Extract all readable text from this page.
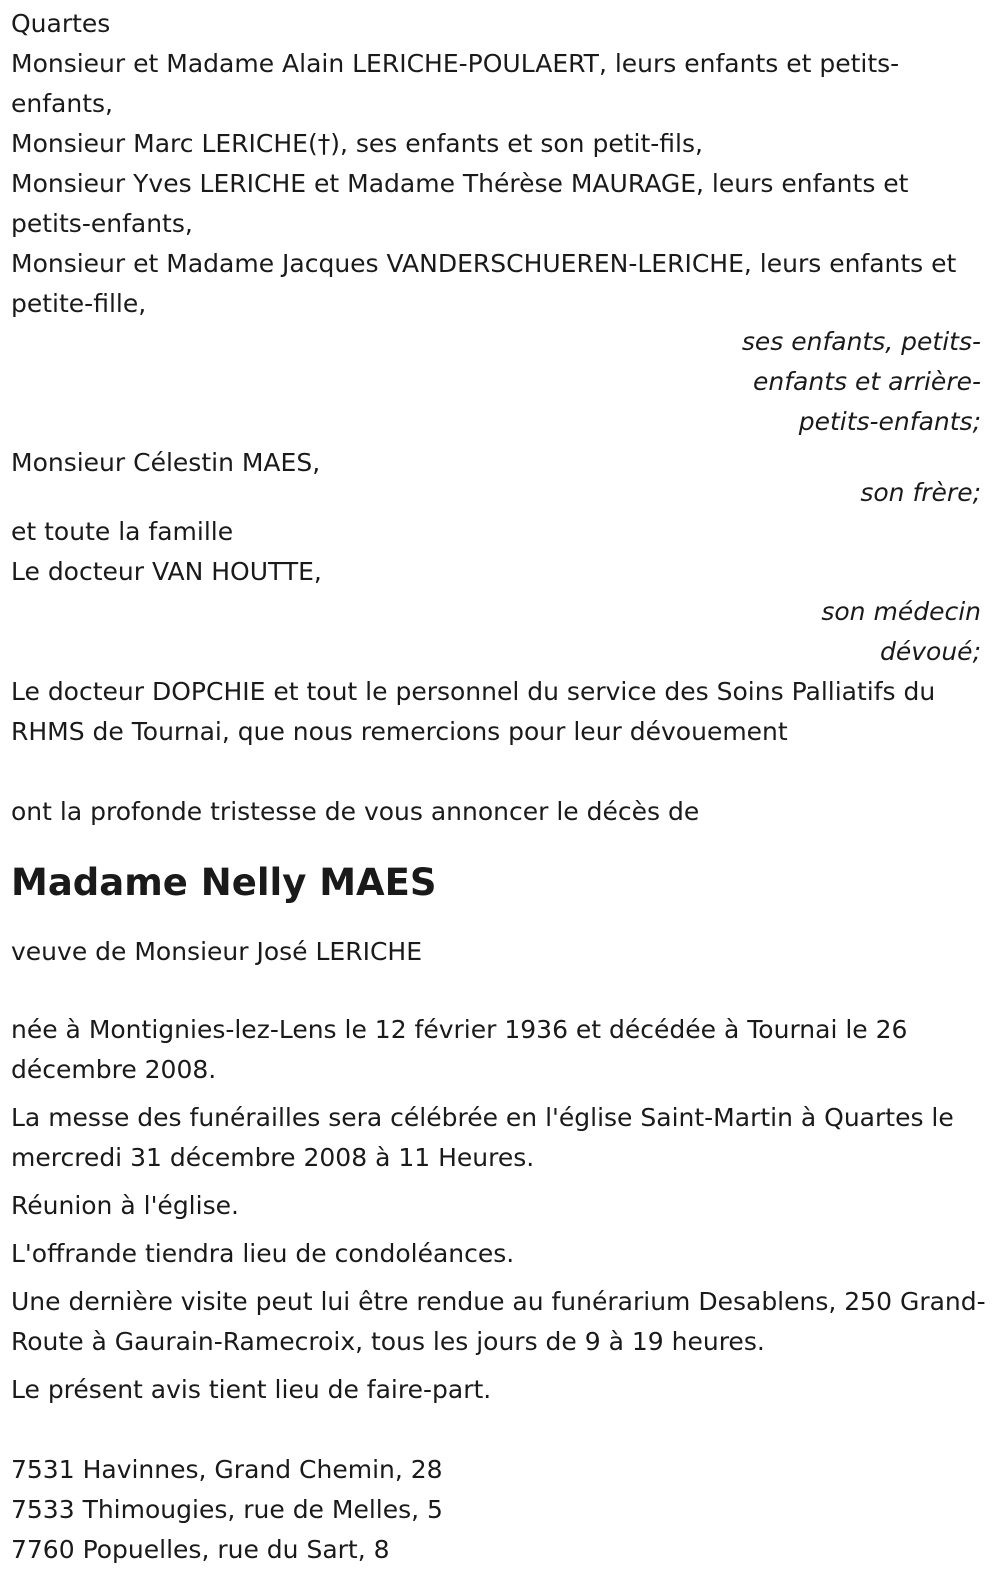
Quartes

Monsieur et Madame Alain LERICHE-POULAERT, leurs enfants et petits-enfants,

Monsieur Marc LERICHE(†), ses enfants et son petit-fils,

Monsieur Yves LERICHE et Madame Thérèse MAURAGE, leurs enfants et petits-enfants,

Monsieur et Madame Jacques VANDERSCHUEREN-LERICHE, leurs enfants et petite-fille,

ses enfants, petits-

enfants et arrière-

petits-enfants;

Monsieur Célestin MAES,

son frère;

et toute la famille

Le docteur VAN HOUTTE,

son médecin

dévoué;

Le docteur DOPCHIE et tout le personnel du service des Soins Palliatifs du RHMS de Tournai, que nous remercions pour leur dévouement

ont la profonde tristesse de vous annoncer le décès de

Madame Nelly MAES

veuve de Monsieur José LERICHE

née à Montignies-lez-Lens le 12 février 1936 et décédée à Tournai le 26 décembre 2008.

La messe des funérailles sera célébrée en l'église Saint-Martin à Quartes le mercredi 31 décembre 2008 à 11 Heures.

Réunion à l'église.

L'offrande tiendra lieu de condoléances.

Une dernière visite peut lui être rendue au funérarium Desablens, 250 Grand-Route à Gaurain-Ramecroix, tous les jours de 9 à 19 heures.

Le présent avis tient lieu de faire-part.

7531 Havinnes, Grand Chemin, 28

7533 Thimougies, rue de Melles, 5

7760 Popuelles, rue du Sart, 8
